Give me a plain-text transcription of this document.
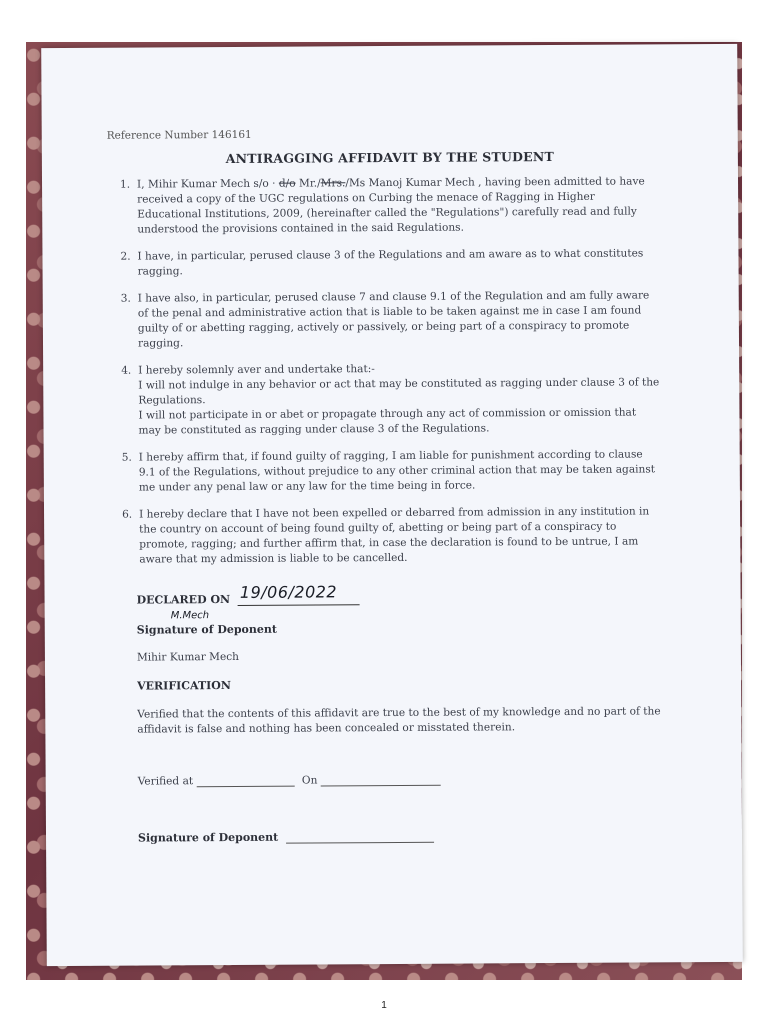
Reference Number 146161
ANTIRAGGING AFFIDAVIT BY THE STUDENT
1. I, Mihir Kumar Mech s/o · d/o Mr./Mrs./Ms Manoj Kumar Mech , having been admitted to have received a copy of the UGC regulations on Curbing the menace of Ragging in Higher Educational Institutions, 2009, (hereinafter called the "Regulations") carefully read and fully understood the provisions contained in the said Regulations.
2. I have, in particular, perused clause 3 of the Regulations and am aware as to what constitutes ragging.
3. I have also, in particular, perused clause 7 and clause 9.1 of the Regulation and am fully aware of the penal and administrative action that is liable to be taken against me in case I am found guilty of or abetting ragging, actively or passively, or being part of a conspiracy to promote ragging.
4. I hereby solemnly aver and undertake that:-
I will not indulge in any behavior or act that may be constituted as ragging under clause 3 of the Regulations.
I will not participate in or abet or propagate through any act of commission or omission that may be constituted as ragging under clause 3 of the Regulations.
5. I hereby affirm that, if found guilty of ragging, I am liable for punishment according to clause 9.1 of the Regulations, without prejudice to any other criminal action that may be taken against me under any penal law or any law for the time being in force.
6. I hereby declare that I have not been expelled or debarred from admission in any institution in the country on account of being found guilty of, abetting or being part of a conspiracy to promote, ragging; and further affirm that, in case the declaration is found to be untrue, I am aware that my admission is liable to be cancelled.
DECLARED ON 19/06/2022
M.Mech
Signature of Deponent
Mihir Kumar Mech
VERIFICATION
Verified that the contents of this affidavit are true to the best of my knowledge and no part of the affidavit is false and nothing has been concealed or misstated therein.
Verified at	On
Signature of Deponent
1
